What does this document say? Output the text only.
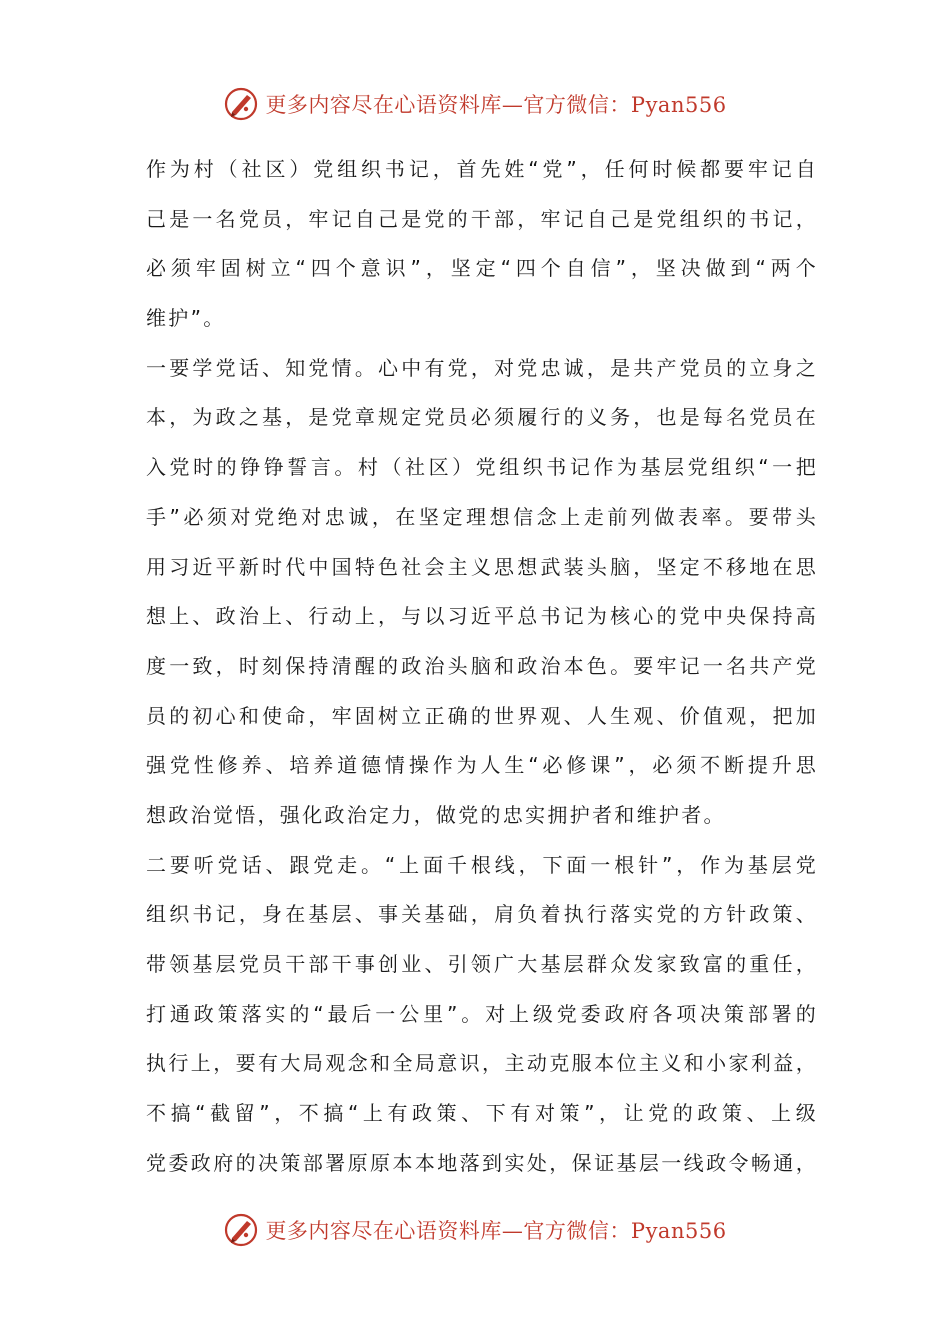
更多内容尽在心语资料库—官方微信：Pyan556
作为村（社区）党组织书记，首先姓“党”，任何时候都要牢记自
己是一名党员，牢记自己是党的干部，牢记自己是党组织的书记，
必须牢固树立“四个意识”，坚定“四个自信”，坚决做到“两个
维护”。
一要学党话、知党情。心中有党，对党忠诚，是共产党员的立身之
本，为政之基，是党章规定党员必须履行的义务，也是每名党员在
入党时的铮铮誓言。村（社区）党组织书记作为基层党组织“一把
手”必须对党绝对忠诚，在坚定理想信念上走前列做表率。要带头
用习近平新时代中国特色社会主义思想武装头脑，坚定不移地在思
想上、政治上、行动上，与以习近平总书记为核心的党中央保持高
度一致，时刻保持清醒的政治头脑和政治本色。要牢记一名共产党
员的初心和使命，牢固树立正确的世界观、人生观、价值观，把加
强党性修养、培养道德情操作为人生“必修课”，必须不断提升思
想政治觉悟，强化政治定力，做党的忠实拥护者和维护者。
二要听党话、跟党走。“上面千根线，下面一根针”，作为基层党
组织书记，身在基层、事关基础，肩负着执行落实党的方针政策、
带领基层党员干部干事创业、引领广大基层群众发家致富的重任，
打通政策落实的“最后一公里”。对上级党委政府各项决策部署的
执行上，要有大局观念和全局意识，主动克服本位主义和小家利益，
不搞“截留”，不搞“上有政策、下有对策”，让党的政策、上级
党委政府的决策部署原原本本地落到实处，保证基层一线政令畅通，
更多内容尽在心语资料库—官方微信：Pyan556
